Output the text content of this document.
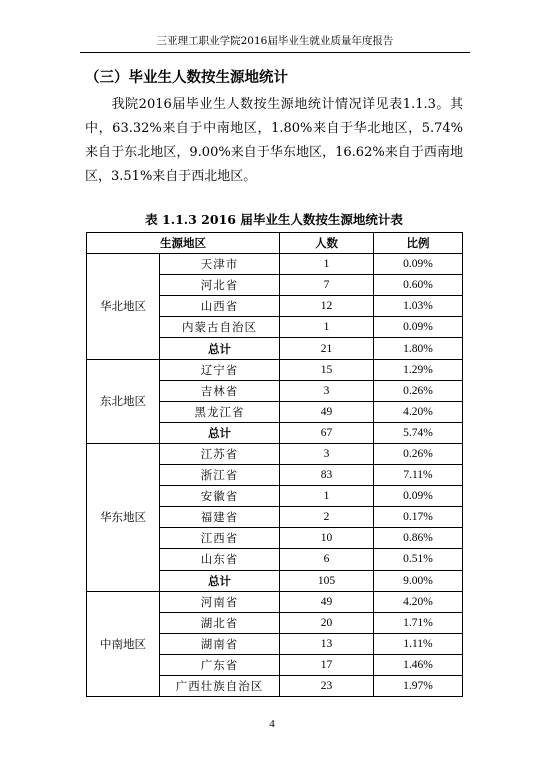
三亚理工职业学院2016届毕业生就业质量年度报告
（三）毕业生人数按生源地统计
我院2016届毕业生人数按生源地统计情况详见表1.1.3。其中，63.32%来自于中南地区，1.80%来自于华北地区，5.74%来自于东北地区，9.00%来自于华东地区，16.62%来自于西南地区，3.51%来自于西北地区。
表 1.1.3 2016 届毕业生人数按生源地统计表
生源地区		人数	比例
华北地区	天津市	1	0.09%
	河北省	7	0.60%
	山西省	12	1.03%
	内蒙古自治区	1	0.09%
	总计	21	1.80%
东北地区	辽宁省	15	1.29%
	吉林省	3	0.26%
	黑龙江省	49	4.20%
	总计	67	5.74%
华东地区	江苏省	3	0.26%
	浙江省	83	7.11%
	安徽省	1	0.09%
	福建省	2	0.17%
	江西省	10	0.86%
	山东省	6	0.51%
	总计	105	9.00%
中南地区	河南省	49	4.20%
	湖北省	20	1.71%
	湖南省	13	1.11%
	广东省	17	1.46%
	广西壮族自治区	23	1.97%
4
